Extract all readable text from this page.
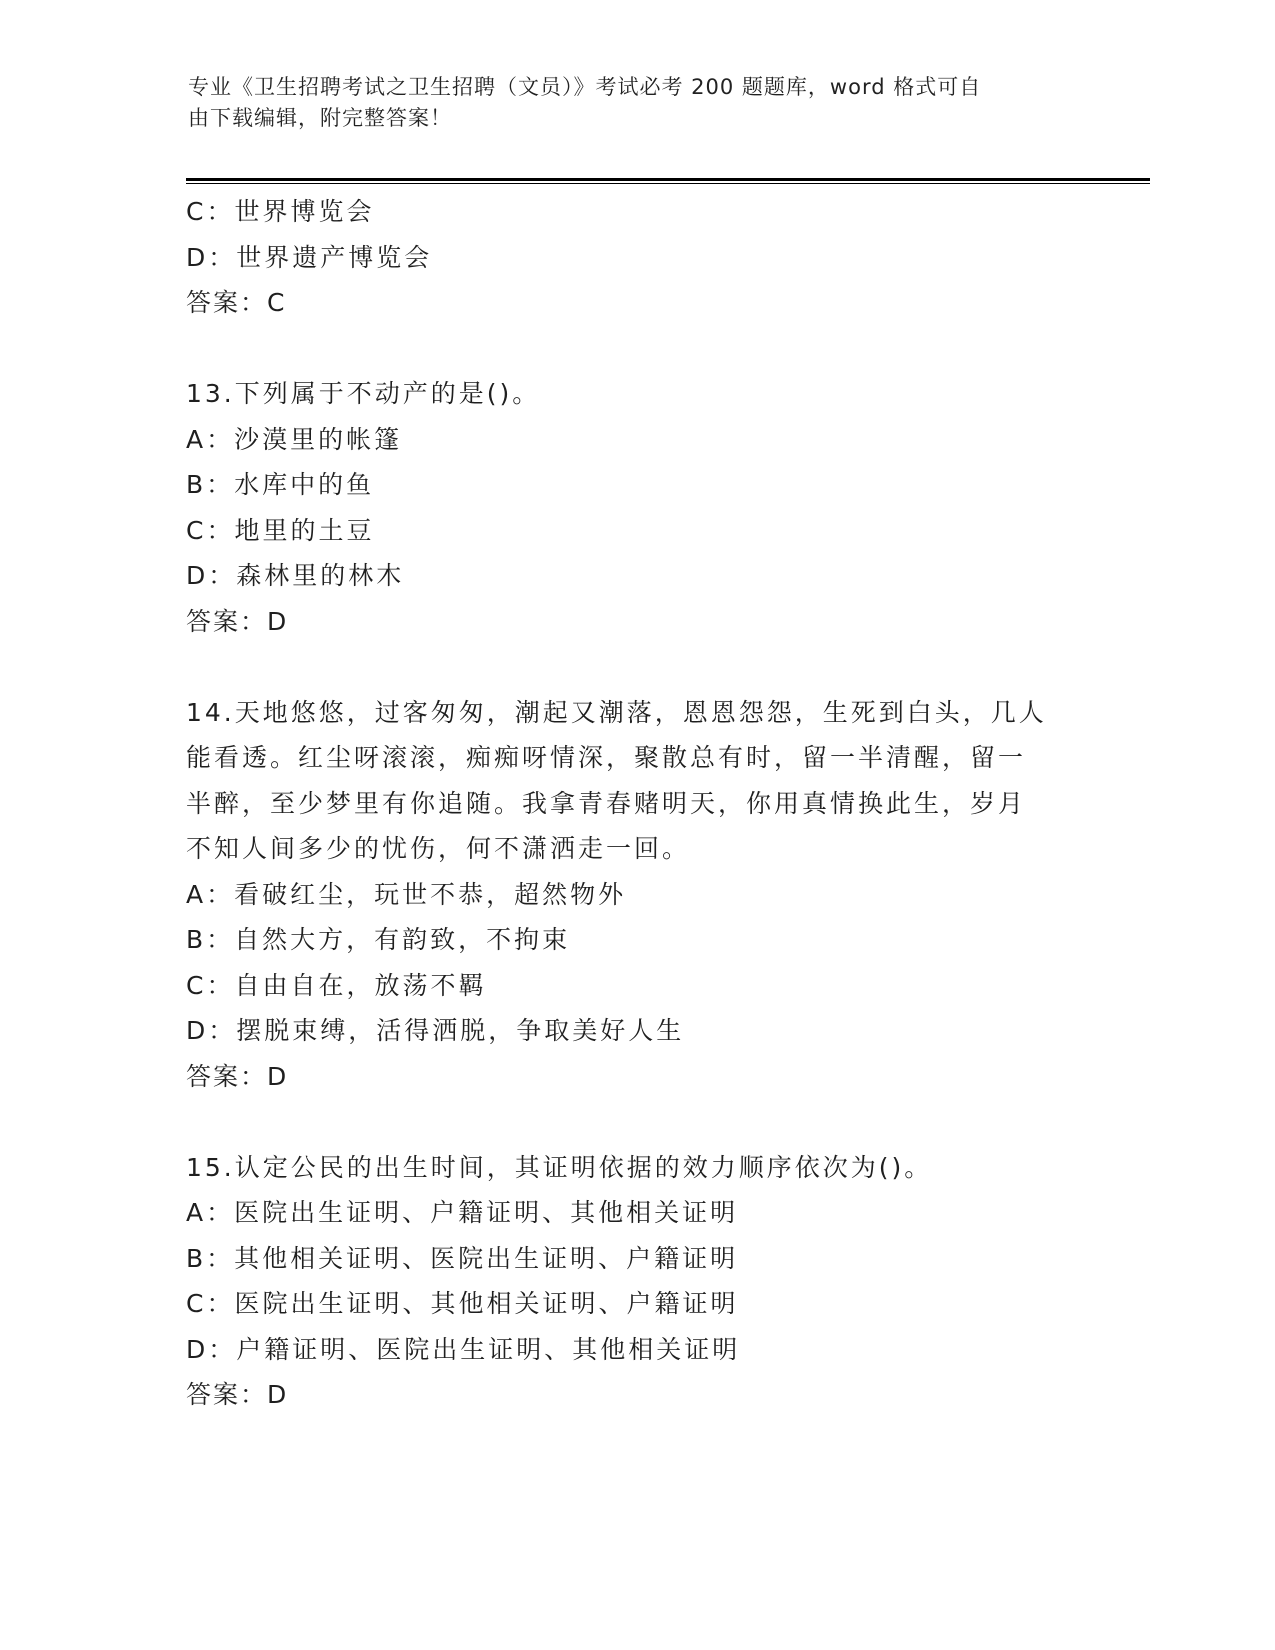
专业《卫生招聘考试之卫生招聘（文员）》考试必考 200 题题库，word 格式可自
由下载编辑，附完整答案！
C：世界博览会
D：世界遗产博览会
答案：C
13.下列属于不动产的是()。
A：沙漠里的帐篷
B：水库中的鱼
C：地里的土豆
D：森林里的林木
答案：D
14.天地悠悠，过客匆匆，潮起又潮落，恩恩怨怨，生死到白头，几人
能看透。红尘呀滚滚，痴痴呀情深，聚散总有时，留一半清醒，留一
半醉，至少梦里有你追随。我拿青春赌明天，你用真情换此生，岁月
不知人间多少的忧伤，何不潇洒走一回。
A：看破红尘，玩世不恭，超然物外
B：自然大方，有韵致，不拘束
C：自由自在，放荡不羁
D：摆脱束缚，活得洒脱，争取美好人生
答案：D
15.认定公民的出生时间，其证明依据的效力顺序依次为()。
A：医院出生证明、户籍证明、其他相关证明
B：其他相关证明、医院出生证明、户籍证明
C：医院出生证明、其他相关证明、户籍证明
D：户籍证明、医院出生证明、其他相关证明
答案：D
